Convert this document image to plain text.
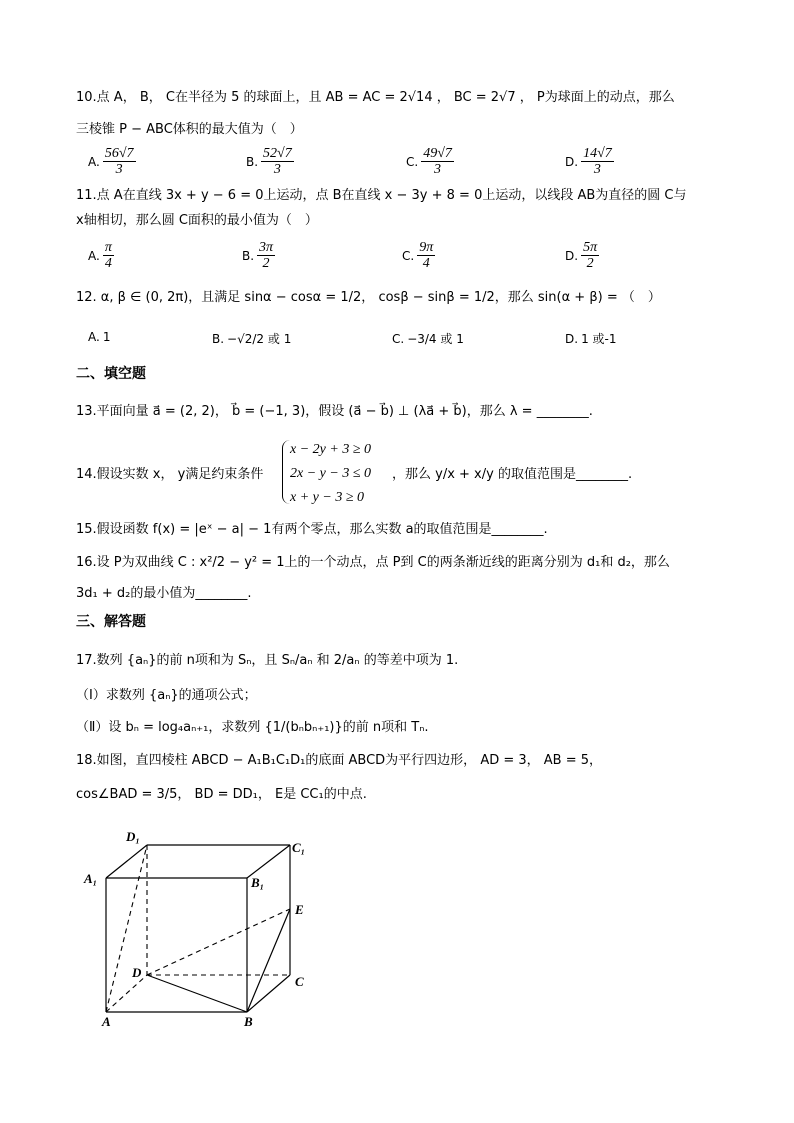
10.点 A， B， C在半径为 5 的球面上，且 AB = AC = 2√14 ， BC = 2√7 ， P为球面上的动点，那么
三棱锥 P − ABC体积的最大值为（　）
A. $\frac{56√7}{3}$	B. $\frac{52√7}{3}$	C. $\frac{49√7}{3}$	D. $\frac{14√7}{3}$
11.点 A在直线 3x + y − 6 = 0上运动，点 B在直线 x − 3y + 8 = 0上运动，以线段 AB为直径的圆 C与
x轴相切，那么圆 C面积的最小值为（　）
A. $\frac{\pi}{4}$	B. $\frac{3\pi}{2}$	C. $\frac{9\pi}{4}$	D. $\frac{5\pi}{2}$
12. α, β ∈ (0, 2π)，且满足 sinα − cosα = 1/2， cosβ − sinβ = 1/2，那么 sin(α + β) = （　）
A. 1	B. −√2/2 或 1	C. −3/4 或 1	D. 1 或-1
二、填空题
13.平面向量 a⃗ = (2, 2)， b⃗ = (−1, 3)，假设 (a⃗ − b⃗) ⊥ (λa⃗ + b⃗)，那么 λ = ________.
14.假设实数 x， y满足约束条件
x − 2y + 3 ≥ 0
2x − y − 3 ≤ 0
x + y − 3 ≥ 0
，那么 y/x + x/y 的取值范围是________.
15.假设函数 f(x) = |eˣ − a| − 1有两个零点，那么实数 a的取值范围是________.
16.设 P为双曲线 C : x²/2 − y² = 1上的一个动点，点 P到 C的两条渐近线的距离分别为 d₁和 d₂，那么
3d₁ + d₂的最小值为________.
三、解答题
17.数列 {aₙ}的前 n项和为 Sₙ，且 Sₙ/aₙ 和 2/aₙ 的等差中项为 1.
（Ⅰ）求数列 {aₙ}的通项公式；
（Ⅱ）设 bₙ = log₄aₙ₊₁，求数列 {1/(bₙbₙ₊₁)}的前 n项和 Tₙ.
18.如图，直四棱柱 ABCD − A₁B₁C₁D₁的底面 ABCD为平行四边形， AD = 3， AB = 5，
cos∠BAD = 3/5， BD = DD₁， E是 CC₁的中点.
D₁
C₁
A₁	B₁
E
D
C
A	B
